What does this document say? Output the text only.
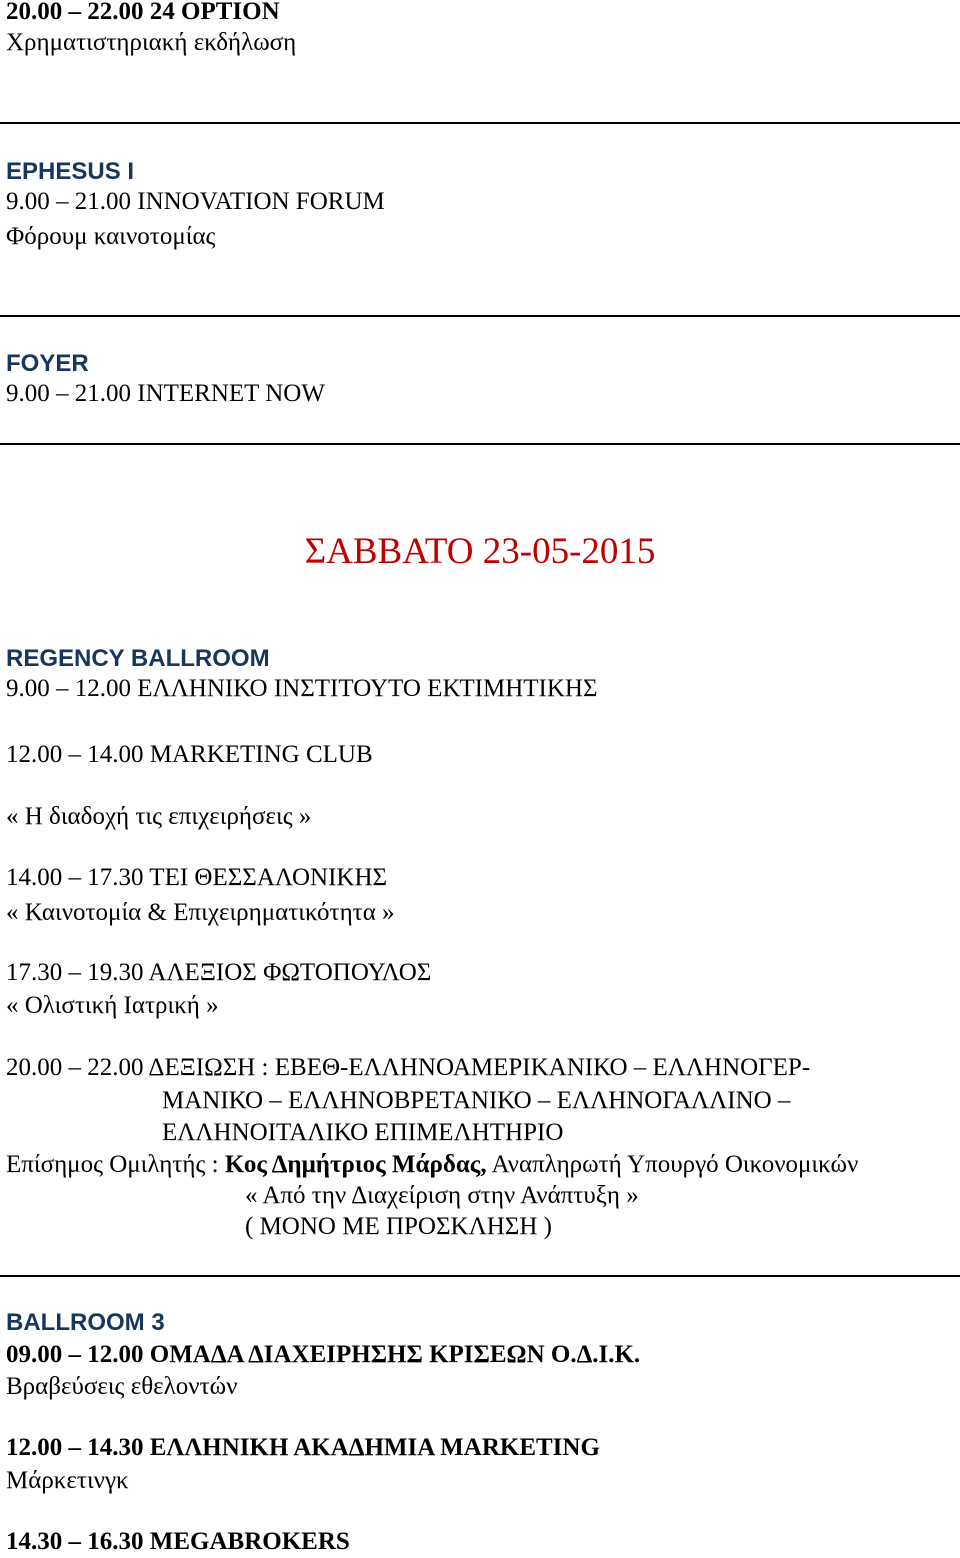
20.00 – 22.00 24 OPTION
Χρηματιστηριακή εκδήλωση
EPHESUS I
9.00 – 21.00 INNOVATION FORUM
Φόρουμ καινοτομίας
FOYER
9.00 – 21.00 INTERNET NOW
ΣΑΒΒΑΤΟ 23-05-2015
REGENCY BALLROOM
9.00 – 12.00 ΕΛΛΗΝΙΚΟ ΙΝΣΤΙΤΟΥΤΟ ΕΚΤΙΜΗΤΙΚΗΣ
12.00 – 14.00 MARKETING CLUB
« Η διαδοχή τις επιχειρήσεις »
14.00 – 17.30 ΤΕΙ ΘΕΣΣΑΛΟΝΙΚΗΣ
« Καινοτομία & Επιχειρηματικότητα »
17.30 – 19.30 ΑΛΕΞΙΟΣ ΦΩΤΟΠΟΥΛΟΣ
« Ολιστική Ιατρική »
20.00 – 22.00 ΔΕΞΙΩΣΗ : ΕΒΕΘ-ΕΛΛΗΝΟΑΜΕΡΙΚΑΝΙΚΟ – ΕΛΛΗΝΟΓΕΡ-
ΜΑΝΙΚΟ – ΕΛΛΗΝΟΒΡΕΤΑΝΙΚΟ – ΕΛΛΗΝΟΓΑΛΛΙΝΟ –
ΕΛΛΗΝΟΙΤΑΛΙΚΟ ΕΠΙΜΕΛΗΤΗΡΙΟ
Επίσημος Ομιλητής : Κος Δημήτριος Μάρδας, Αναπληρωτή Υπουργό Οικονομικών
« Από την Διαχείριση στην Ανάπτυξη »
( ΜΟΝΟ ΜΕ ΠΡΟΣΚΛΗΣΗ )
BALLROOM 3
09.00 – 12.00 ΟΜΑΔΑ ΔΙΑΧΕΙΡΗΣΗΣ ΚΡΙΣΕΩΝ Ο.Δ.Ι.Κ.
Βραβεύσεις εθελοντών
12.00 – 14.30 ΕΛΛΗΝΙΚΗ ΑΚΑΔΗΜΙΑ MARKETING
Μάρκετινγκ
14.30 – 16.30 MEGABROKERS
